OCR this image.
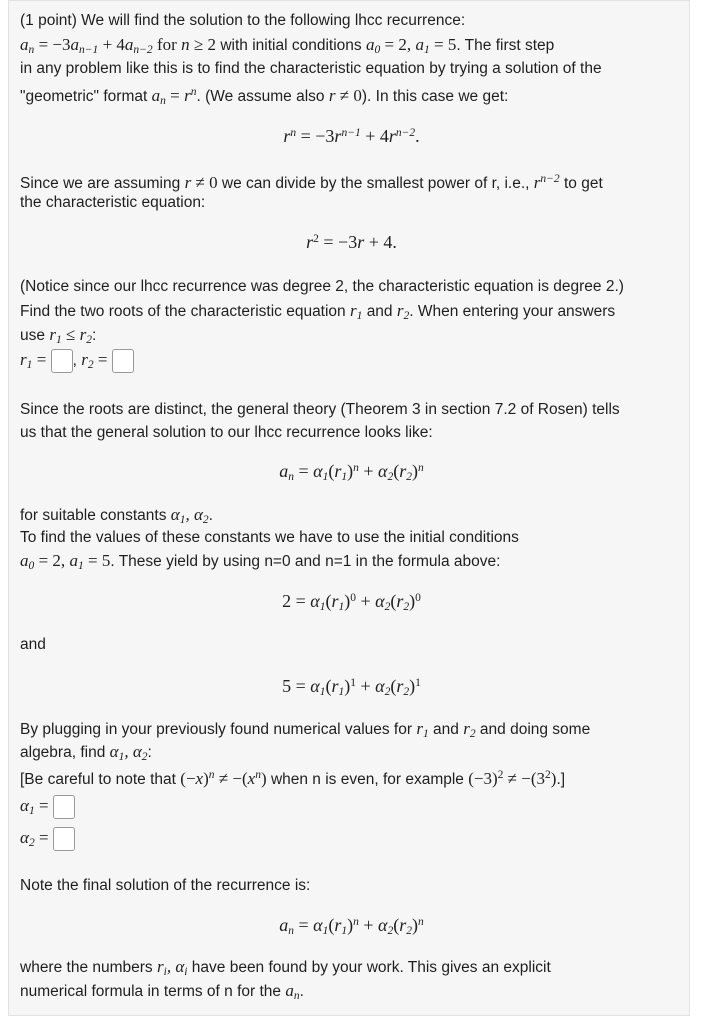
(1 point) We will find the solution to the following lhcc recurrence:
$a_n = -3a_{n-1} + 4a_{n-2}$ for n ≥ 2 with initial conditions $a_0 = 2$, $a_1 = 5$. The first step
in any problem like this is to find the characteristic equation by trying a solution of the
"geometric" format $a_n = r^n$. (We assume also r ≠ 0). In this case we get:
$r^n = -3r^{n-1} + 4r^{n-2}$.
Since we are assuming r ≠ 0 we can divide by the smallest power of r, i.e., $r^{n-2}$ to get
the characteristic equation:
$r^2 = -3r + 4$.
(Notice since our lhcc recurrence was degree 2, the characteristic equation is degree 2.)
Find the two roots of the characteristic equation $r_1$ and $r_2$. When entering your answers
use $r_1 \le r_2$:
$r_1$ = , $r_2$ =
Since the roots are distinct, the general theory (Theorem 3 in section 7.2 of Rosen) tells
us that the general solution to our lhcc recurrence looks like:
$a_n = \alpha_1(r_1)^n + \alpha_2(r_2)^n$
for suitable constants $\alpha_1$, $\alpha_2$.
To find the values of these constants we have to use the initial conditions
$a_0 = 2$, $a_1 = 5$. These yield by using n=0 and n=1 in the formula above:
$2 = \alpha_1(r_1)^0 + \alpha_2(r_2)^0$
and
$5 = \alpha_1(r_1)^1 + \alpha_2(r_2)^1$
By plugging in your previously found numerical values for $r_1$ and $r_2$ and doing some
algebra, find $\alpha_1$, $\alpha_2$:
[Be careful to note that $(-x)^n \ne -(x^n)$ when n is even, for example $(-3)^2 \ne -(3^2)$.]
$\alpha_1$ =
$\alpha_2$ =
Note the final solution of the recurrence is:
$a_n = \alpha_1(r_1)^n + \alpha_2(r_2)^n$
where the numbers $r_i$, $\alpha_i$ have been found by your work. This gives an explicit
numerical formula in terms of n for the $a_n$.
